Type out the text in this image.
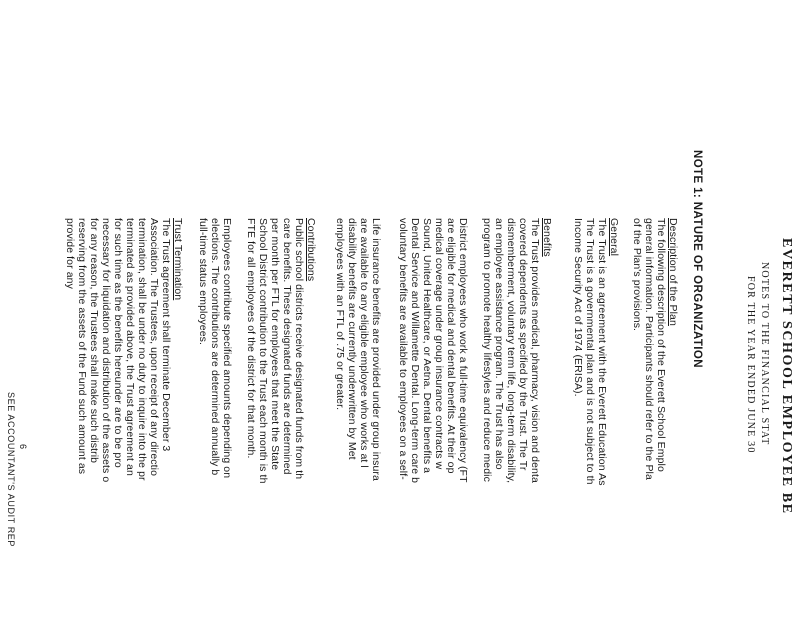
EVERETT SCHOOL EMPLOYEE BE
NOTES TO THE FINANCIAL STAT
FOR THE YEAR ENDED JUNE 30
NOTE 1: NATURE OF ORGANIZATION
Description of the Plan
The following description of the Everett School Emplo
general information. Participants should refer to the Pla
of the Plan's provisions.
General
The Trust is an agreement with the Everett Education As
The Trust is a governmental plan and is not subject to th
Income Security Act of 1974 (ERISA).
Benefits
The Trust provides medical, pharmacy, vision and denta
covered dependents as specified by the Trust. The Tr
dismemberment, voluntary term life, long-term disability,
an employee assistance program. The Trust has also
program to promote healthy lifestyles and reduce medic
District employees who work a full-time equivalency (FT
are eligible for medical and dental benefits. At their op
medical coverage under group insurance contracts w
Sound, United Healthcare, or Aetna. Dental benefits a
Dental Service and Willamette Dental. Long-term care b
voluntary benefits are available to employees on a self-
Life insurance benefits are provided under group insura
are available to any eligible employee who works at l
disability benefits are currently underwritten by Met
employees with an FTL of .75 or greater.
Contributions
Public school districts receive designated funds from th
care benefits. These designated funds are determined
per month per FTL for employees that meet the State
School District contribution to the Trust each month is th
FTE for all employees of the district for that month.
Employees contribute specified amounts depending on
elections. The contributions are determined annually b
full-time status employees.
Trust Termination
The Trust agreement shall terminate December 3
Association. The Trustees, upon receipt of any directio
termination, shall be under no duty to inquire into the pr
terminated as provided above, the Trust agreement an
for such time as the benefits hereunder are to be pro
necessary for liquidation and distribution of the assets o
for any reason, the Trustees shall make such distrib
reserving from the assets of the Fund such amount as
provide for any
SEE ACCOUNTANT'S AUDIT REP 6
